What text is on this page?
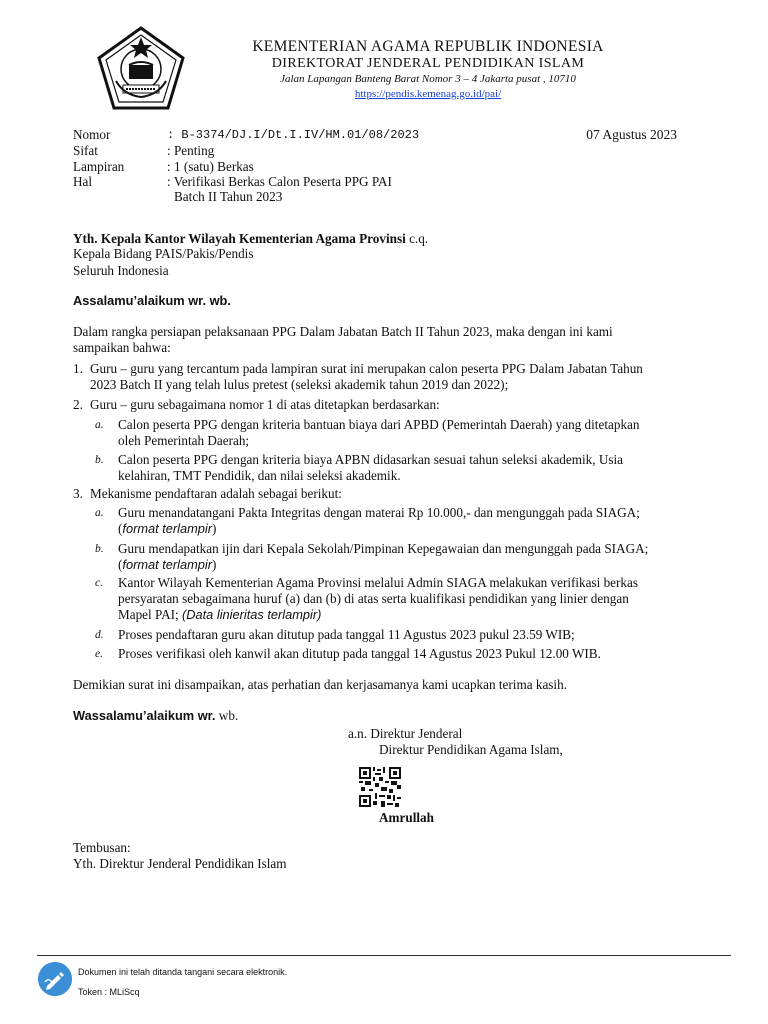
KEMENTERIAN AGAMA REPUBLIK INDONESIA
DIREKTORAT JENDERAL PENDIDIKAN ISLAM
Jalan Lapangan Banteng Barat Nomor 3 – 4 Jakarta pusat , 10710
https://pendis.kemenag.go.id/pai/
Nomor	: B-3374/DJ.I/Dt.I.IV/HM.01/08/2023	07 Agustus 2023
Sifat	: Penting
Lampiran	: 1 (satu) Berkas
Hal	: Verifikasi Berkas Calon Peserta PPG PAI
Batch II Tahun 2023
Yth. Kepala Kantor Wilayah Kementerian Agama Provinsi c.q.
Kepala Bidang PAIS/Pakis/Pendis
Seluruh Indonesia
Assalamu’alaikum wr. wb.
Dalam rangka persiapan pelaksanaan PPG Dalam Jabatan Batch II Tahun 2023, maka dengan ini kami
sampaikan bahwa:
1. Guru – guru yang tercantum pada lampiran surat ini merupakan calon peserta PPG Dalam Jabatan Tahun
2023 Batch II yang telah lulus pretest (seleksi akademik tahun 2019 dan 2022);
2. Guru – guru sebagaimana nomor 1 di atas ditetapkan berdasarkan:
a. Calon peserta PPG dengan kriteria bantuan biaya dari APBD (Pemerintah Daerah) yang ditetapkan
oleh Pemerintah Daerah;
b. Calon peserta PPG dengan kriteria biaya APBN didasarkan sesuai tahun seleksi akademik, Usia
kelahiran, TMT Pendidik, dan nilai seleksi akademik.
3. Mekanisme pendaftaran adalah sebagai berikut:
a. Guru menandatangani Pakta Integritas dengan materai Rp 10.000,- dan mengunggah pada SIAGA;
(format terlampir)
b. Guru mendapatkan ijin dari Kepala Sekolah/Pimpinan Kepegawaian dan mengunggah pada SIAGA;
(format terlampir)
c. Kantor Wilayah Kementerian Agama Provinsi melalui Admin SIAGA melakukan verifikasi berkas
persyaratan sebagaimana huruf (a) dan (b) di atas serta kualifikasi pendidikan yang linier dengan
Mapel PAI; (Data linieritas terlampir)
d. Proses pendaftaran guru akan ditutup pada tanggal 11 Agustus 2023 pukul 23.59 WIB;
e. Proses verifikasi oleh kanwil akan ditutup pada tanggal 14 Agustus 2023 Pukul 12.00 WIB.
Demikian surat ini disampaikan, atas perhatian dan kerjasamanya kami ucapkan terima kasih.
Wassalamu’alaikum wr. wb.
a.n. Direktur Jenderal
Direktur Pendidikan Agama Islam,
Amrullah
Tembusan:
Yth. Direktur Jenderal Pendidikan Islam
Dokumen ini telah ditanda tangani secara elektronik.
Token : MLiScq
